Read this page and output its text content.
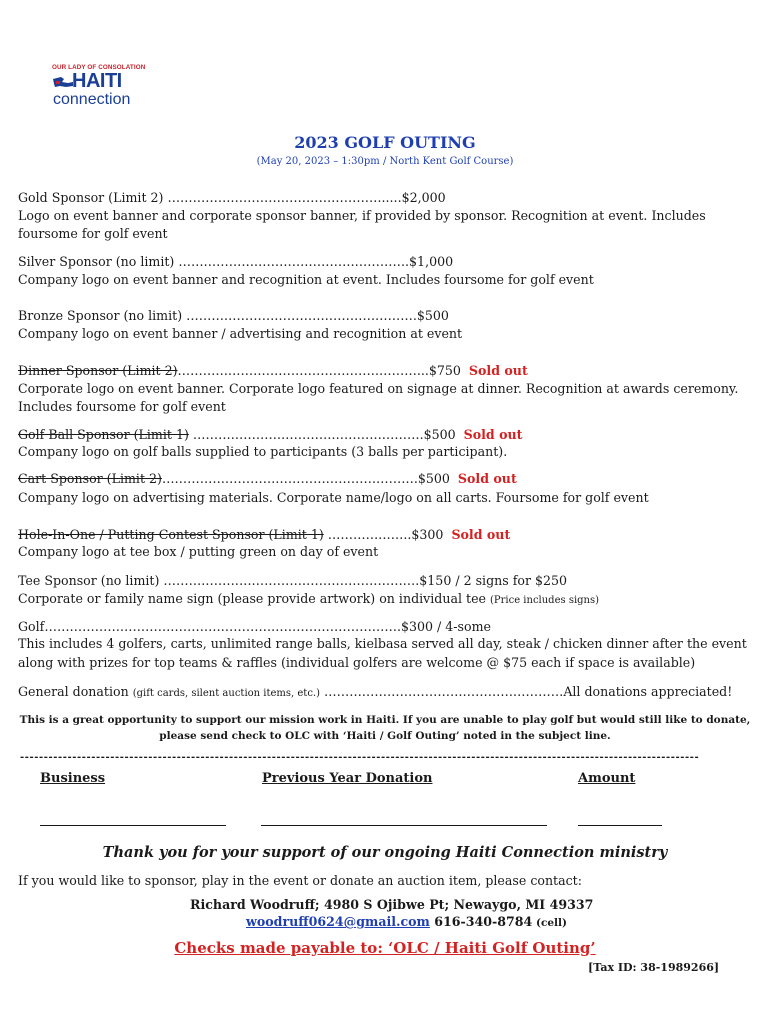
OUR LADY OF CONSOLATION
HAITI
connection
2023 GOLF OUTING
(May 20, 2023 – 1:30pm / North Kent Golf Course)
Gold Sponsor (Limit 2) …………………………………………….....$2,000
Logo on event banner and corporate sponsor banner, if provided by sponsor. Recognition at event. Includes
foursome for golf event
Silver Sponsor (no limit) ……………………………………………….$1,000
Company logo on event banner and recognition at event. Includes foursome for golf event
Bronze Sponsor (no limit) ……………………………………………….$500
Company logo on event banner / advertising and recognition at event
Dinner Sponsor (Limit 2)…………………………………………………...$750 Sold out
Corporate logo on event banner. Corporate logo featured on signage at dinner. Recognition at awards ceremony.
Includes foursome for golf event
Golf Ball Sponsor (Limit 1) ……………………………………………….$500 Sold out
Company logo on golf balls supplied to participants (3 balls per participant).
Cart Sponsor (Limit 2)…………………………………………………….$500 Sold out
Company logo on advertising materials. Corporate name/logo on all carts. Foursome for golf event
Hole-In-One / Putting Contest Sponsor (Limit 1) ………………..$300 Sold out
Company logo at tee box / putting green on day of event
Tee Sponsor (no limit) …………………………………………………….$150 / 2 signs for $250
Corporate or family name sign (please provide artwork) on individual tee (Price includes signs)
Golf………………………………………………………………………….$300 / 4-some
This includes 4 golfers, carts, unlimited range balls, kielbasa served all day, steak / chicken dinner after the event
along with prizes for top teams & raffles (individual golfers are welcome @ $75 each if space is available)
General donation (gift cards, silent auction items, etc.) …………………………………………………All donations appreciated!
This is a great opportunity to support our mission work in Haiti. If you are unable to play golf but would still like to donate,
please send check to OLC with ‘Haiti / Golf Outing’ noted in the subject line.
-----------------------------------------------------------------------------------------------------------------------------------------------
Business	Previous Year Donation	Amount
Thank you for your support of our ongoing Haiti Connection ministry
If you would like to sponsor, play in the event or donate an auction item, please contact:
Richard Woodruff; 4980 S Ojibwe Pt; Newaygo, MI 49337
woodruff0624@gmail.com 616-340-8784 (cell)
Checks made payable to: ‘OLC / Haiti Golf Outing’
[Tax ID: 38-1989266]
